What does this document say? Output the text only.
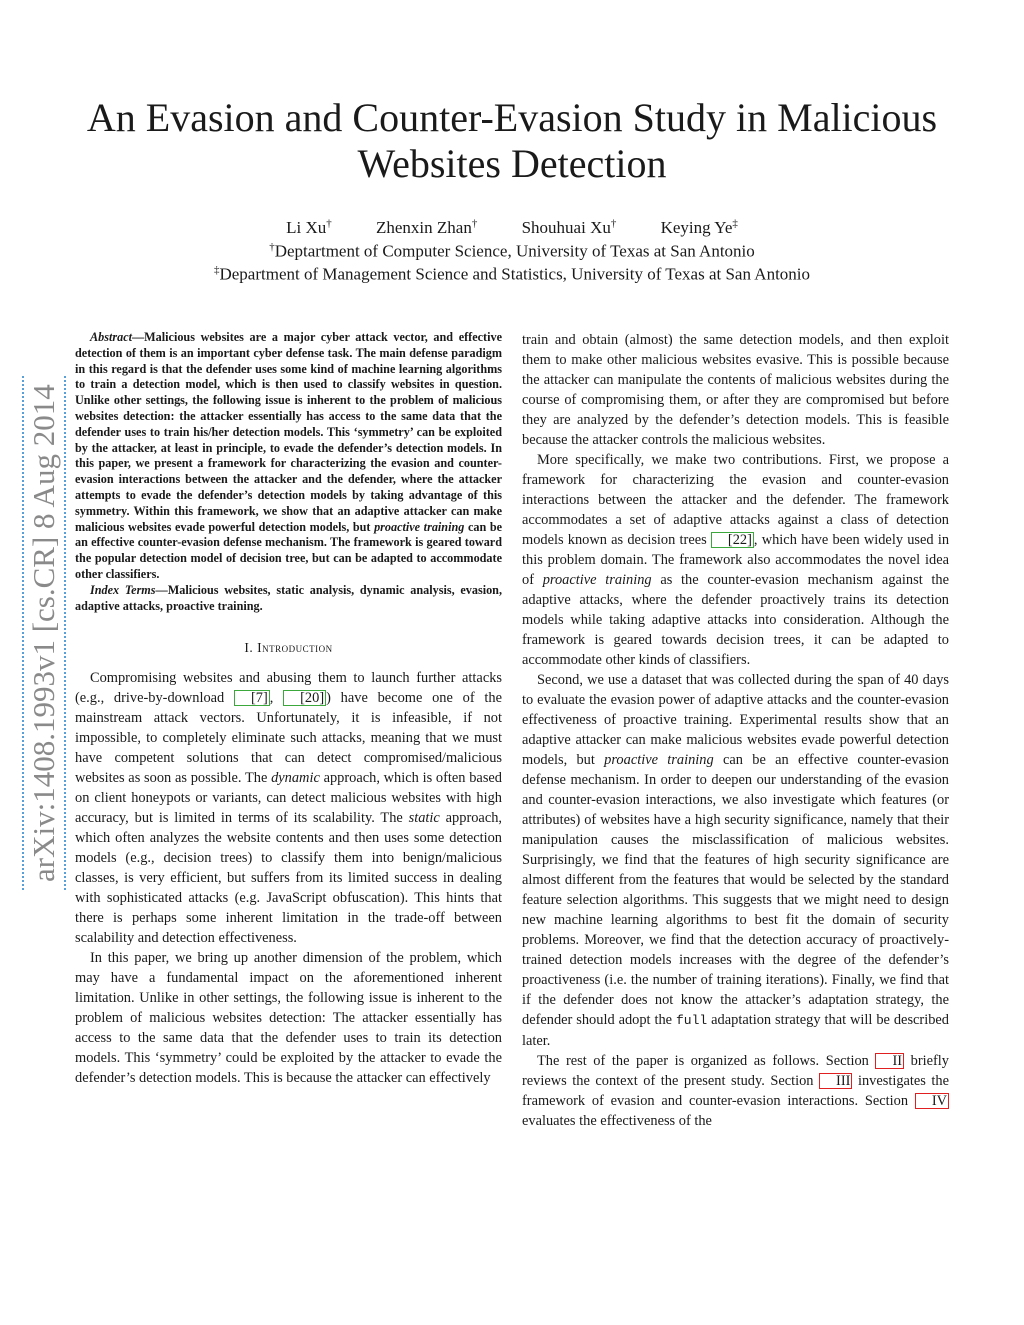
An Evasion and Counter-Evasion Study in Malicious Websites Detection
Li Xu†	Zhenxin Zhan†	Shouhuai Xu†	Keying Ye‡
†Deptartment of Computer Science, University of Texas at San Antonio
‡Department of Management Science and Statistics, University of Texas at San Antonio
arXiv:1408.1993v1 [cs.CR] 8 Aug 2014

Abstract—Malicious websites are a major cyber attack vector, and effective detection of them is an important cyber defense task. The main defense paradigm in this regard is that the defender uses some kind of machine learning algorithms to train a detection model, which is then used to classify websites in question. Unlike other settings, the following issue is inherent to the problem of malicious websites detection: the attacker essentially has access to the same data that the defender uses to train his/her detection models. This ‘symmetry’ can be exploited by the attacker, at least in principle, to evade the defender’s detection models. In this paper, we present a framework for characterizing the evasion and counter-evasion interactions between the attacker and the defender, where the attacker attempts to evade the defender’s detection models by taking advantage of this symmetry. Within this framework, we show that an adaptive attacker can make malicious websites evade powerful detection models, but proactive training can be an effective counter-evasion defense mechanism. The framework is geared toward the popular detection model of decision tree, but can be adapted to accommodate other classifiers.

Index Terms—Malicious websites, static analysis, dynamic analysis, evasion, adaptive attacks, proactive training.

I. Introduction

Compromising websites and abusing them to launch further attacks (e.g., drive-by-download [7] , [20] ) have become one of the mainstream attack vectors. Unfortunately, it is infeasible, if not impossible, to completely eliminate such attacks, meaning that we must have competent solutions that can detect compromised/malicious websites as soon as possible. The dynamic approach, which is often based on client honeypots or variants, can detect malicious websites with high accuracy, but is limited in terms of its scalability. The static approach, which often analyzes the website contents and then uses some detection models (e.g., decision trees) to classify them into benign/malicious classes, is very efficient, but suffers from its limited success in dealing with sophisticated attacks (e.g. JavaScript obfuscation). This hints that there is perhaps some inherent limitation in the trade-off between scalability and detection effectiveness.

In this paper, we bring up another dimension of the problem, which may have a fundamental impact on the aforementioned inherent limitation. Unlike in other settings, the following issue is inherent to the problem of malicious websites detection: The attacker essentially has access to the same data that the defender uses to train its detection models. This ‘symmetry’ could be exploited by the attacker to evade the defender’s detection models. This is because the attacker can effectively

train and obtain (almost) the same detection models, and then exploit them to make other malicious websites evasive. This is possible because the attacker can manipulate the contents of malicious websites during the course of compromising them, or after they are compromised but before they are analyzed by the defender’s detection models. This is feasible because the attacker controls the malicious websites.

More specifically, we make two contributions. First, we propose a framework for characterizing the evasion and counter-evasion interactions between the attacker and the defender. The framework accommodates a set of adaptive attacks against a class of detection models known as decision trees [22] , which have been widely used in this problem domain. The framework also accommodates the novel idea of proactive training as the counter-evasion mechanism against the adaptive attacks, where the defender proactively trains its detection models while taking adaptive attacks into consideration. Although the framework is geared towards decision trees, it can be adapted to accommodate other kinds of classifiers.

Second, we use a dataset that was collected during the span of 40 days to evaluate the evasion power of adaptive attacks and the counter-evasion effectiveness of proactive training. Experimental results show that an adaptive attacker can make malicious websites evade powerful detection models, but proactive training can be an effective counter-evasion defense mechanism. In order to deepen our understanding of the evasion and counter-evasion interactions, we also investigate which features (or attributes) of websites have a high security significance, namely that their manipulation causes the misclassification of malicious websites. Surprisingly, we find that the features of high security significance are almost different from the features that would be selected by the standard feature selection algorithms. This suggests that we might need to design new machine learning algorithms to best fit the domain of security problems. Moreover, we find that the detection accuracy of proactively-trained detection models increases with the degree of the defender’s proactiveness (i.e. the number of training iterations). Finally, we find that if the defender does not know the attacker’s adaptation strategy, the defender should adopt the full adaptation strategy that will be described later.

The rest of the paper is organized as follows. Section II briefly reviews the context of the present study. Section III investigates the framework of evasion and counter-evasion interactions. Section IV evaluates the effectiveness of the
